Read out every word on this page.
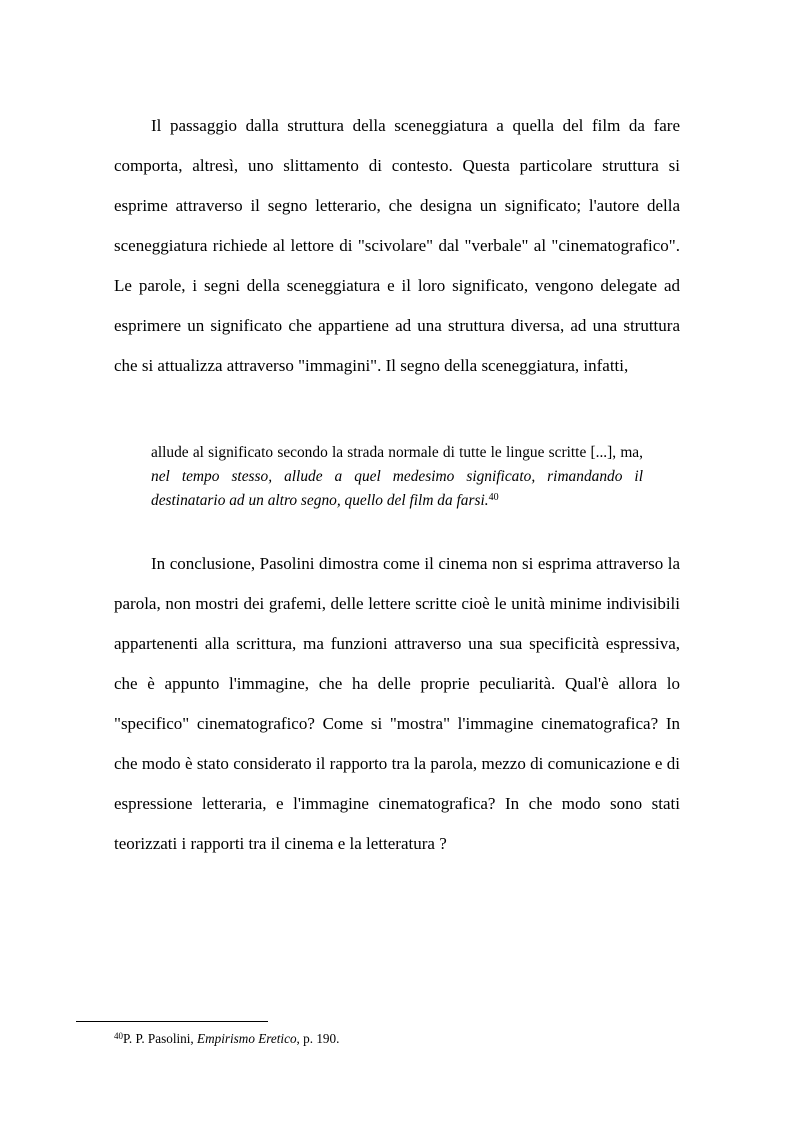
Il passaggio dalla struttura della sceneggiatura a quella del film da fare comporta, altresì, uno slittamento di contesto. Questa particolare struttura si esprime attraverso il segno letterario, che designa un significato; l'autore della sceneggiatura richiede al lettore di "scivolare" dal "verbale" al "cinematografico". Le parole, i segni della sceneggiatura e il loro significato, vengono delegate ad esprimere un significato che appartiene ad una struttura diversa, ad una struttura che si attualizza attraverso "immagini". Il segno della sceneggiatura, infatti,

allude al significato secondo la strada normale di tutte le lingue scritte [...], ma, nel tempo stesso, allude a quel medesimo significato, rimandando il destinatario ad un altro segno, quello del film da farsi.$^{40}$

In conclusione, Pasolini dimostra come il cinema non si esprima attraverso la parola, non mostri dei grafemi, delle lettere scritte cioè le unità minime indivisibili appartenenti alla scrittura, ma funzioni attraverso una sua specificità espressiva, che è appunto l'immagine, che ha delle proprie peculiarità. Qual'è allora lo "specifico" cinematografico? Come si "mostra" l'immagine cinematografica? In che modo è stato considerato il rapporto tra la parola, mezzo di comunicazione e di espressione letteraria, e l'immagine cinematografica? In che modo sono stati teorizzati i rapporti tra il cinema e la letteratura ?

$^{40}$P. P. Pasolini, Empirismo Eretico, p. 190.
